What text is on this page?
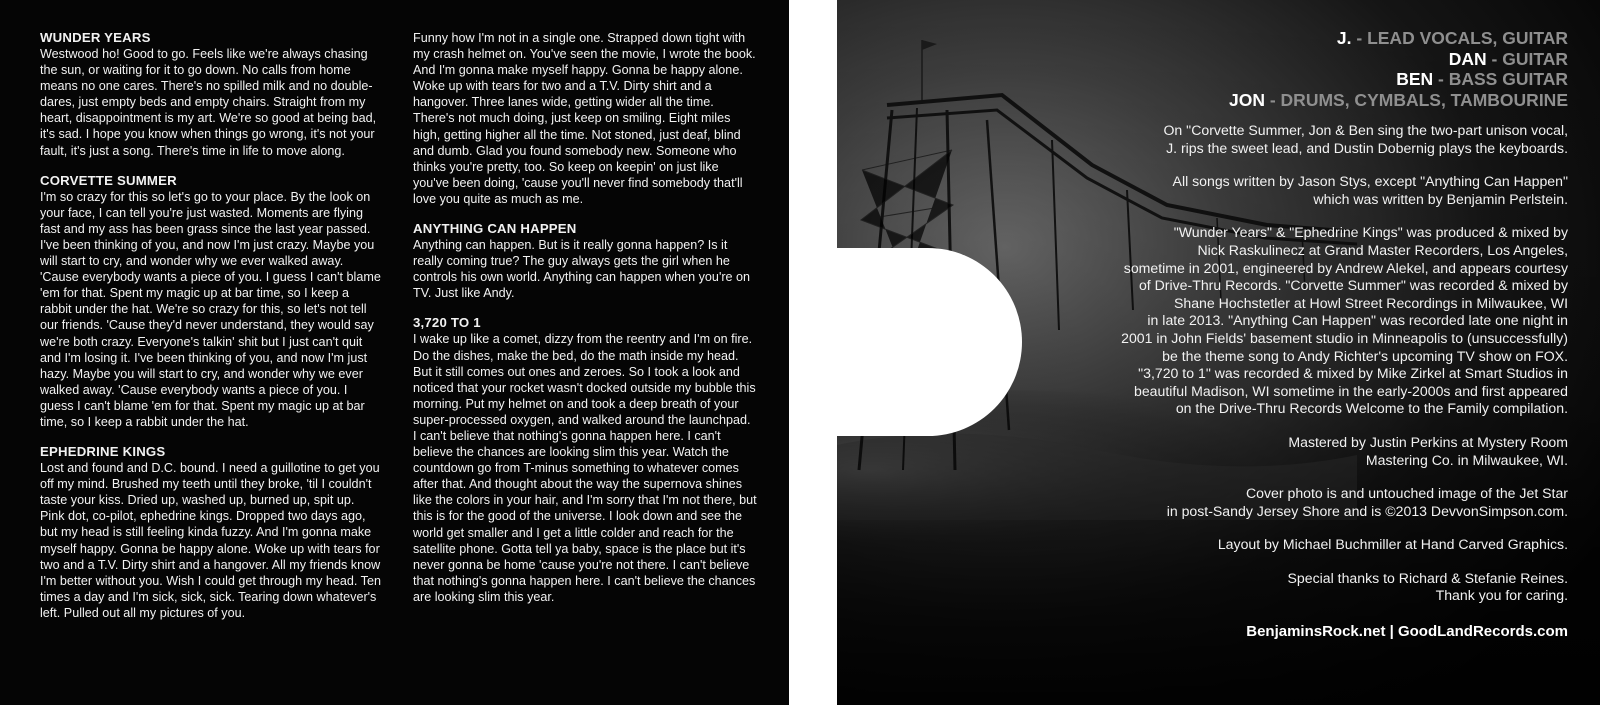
WUNDER YEARS

Westwood ho! Good to go. Feels like we're always chasing the sun, or waiting for it to go down. No calls from home means no one cares. There's no spilled milk and no double-dares, just empty beds and empty chairs. Straight from my heart, disappointment is my art. We're so good at being bad, it's sad. I hope you know when things go wrong, it's not your fault, it's just a song. There's time in life to move along.

CORVETTE SUMMER

I'm so crazy for this so let's go to your place. By the look on your face, I can tell you're just wasted. Moments are flying fast and my ass has been grass since the last year passed. I've been thinking of you, and now I'm just crazy. Maybe you will start to cry, and wonder why we ever walked away. 'Cause everybody wants a piece of you. I guess I can't blame 'em for that. Spent my magic up at bar time, so I keep a rabbit under the hat. We're so crazy for this, so let's not tell our friends. 'Cause they'd never understand, they would say we're both crazy. Everyone's talkin' shit but I just can't quit and I'm losing it. I've been thinking of you, and now I'm just hazy. Maybe you will start to cry, and wonder why we ever walked away. 'Cause everybody wants a piece of you. I guess I can't blame 'em for that. Spent my magic up at bar time, so I keep a rabbit under the hat.

EPHEDRINE KINGS

Lost and found and D.C. bound. I need a guillotine to get you off my mind. Brushed my teeth until they broke, 'til I couldn't taste your kiss. Dried up, washed up, burned up, spit up. Pink dot, co-pilot, ephedrine kings. Dropped two days ago, but my head is still feeling kinda fuzzy. And I'm gonna make myself happy. Gonna be happy alone. Woke up with tears for two and a T.V. Dirty shirt and a hangover. All my friends know I'm better without you. Wish I could get through my head. Ten times a day and I'm sick, sick, sick. Tearing down whatever's left. Pulled out all my pictures of you.

Funny how I'm not in a single one. Strapped down tight with my crash helmet on. You've seen the movie, I wrote the book. And I'm gonna make myself happy. Gonna be happy alone. Woke up with tears for two and a T.V. Dirty shirt and a hangover. Three lanes wide, getting wider all the time. There's not much doing, just keep on smiling. Eight miles high, getting higher all the time. Not stoned, just deaf, blind and dumb. Glad you found somebody new. Someone who thinks you're pretty, too. So keep on keepin' on just like you've been doing, 'cause you'll never find somebody that'll love you quite as much as me.

ANYTHING CAN HAPPEN

Anything can happen. But is it really gonna happen? Is it really coming true? The guy always gets the girl when he controls his own world. Anything can happen when you're on TV. Just like Andy.

3,720 TO 1

I wake up like a comet, dizzy from the reentry and I'm on fire. Do the dishes, make the bed, do the math inside my head. But it still comes out ones and zeroes. So I took a look and noticed that your rocket wasn't docked outside my bubble this morning. Put my helmet on and took a deep breath of your super-processed oxygen, and walked around the launchpad. I can't believe that nothing's gonna happen here. I can't believe the chances are looking slim this year. Watch the countdown go from T-minus something to whatever comes after that. And thought about the way the supernova shines like the colors in your hair, and I'm sorry that I'm not there, but this is for the good of the universe. I look down and see the world get smaller and I get a little colder and reach for the satellite phone. Gotta tell ya baby, space is the place but it's never gonna be home 'cause you're not there. I can't believe that nothing's gonna happen here. I can't believe the chances are looking slim this year.

J. - LEAD VOCALS, GUITAR
DAN - GUITAR
BEN - BASS GUITAR
JON - DRUMS, CYMBALS, TAMBOURINE

On "Corvette Summer, Jon & Ben sing the two-part unison vocal,
J. rips the sweet lead, and Dustin Dobernig plays the keyboards.

All songs written by Jason Stys, except "Anything Can Happen"
which was written by Benjamin Perlstein.

"Wunder Years" & "Ephedrine Kings" was produced & mixed by
Nick Raskulinecz at Grand Master Recorders, Los Angeles,
sometime in 2001, engineered by Andrew Alekel, and appears courtesy
of Drive-Thru Records. "Corvette Summer" was recorded & mixed by
Shane Hochstetler at Howl Street Recordings in Milwaukee, WI
in late 2013. "Anything Can Happen" was recorded late one night in
2001 in John Fields' basement studio in Minneapolis to (unsuccessfully)
be the theme song to Andy Richter's upcoming TV show on FOX.
"3,720 to 1" was recorded & mixed by Mike Zirkel at Smart Studios in
beautiful Madison, WI sometime in the early-2000s and first appeared
on the Drive-Thru Records Welcome to the Family compilation.

Mastered by Justin Perkins at Mystery Room
Mastering Co. in Milwaukee, WI.

Cover photo is and untouched image of the Jet Star
in post-Sandy Jersey Shore and is ©2013 DevvonSimpson.com.

Layout by Michael Buchmiller at Hand Carved Graphics.

Special thanks to Richard & Stefanie Reines.
Thank you for caring.

BenjaminsRock.net | GoodLandRecords.com
